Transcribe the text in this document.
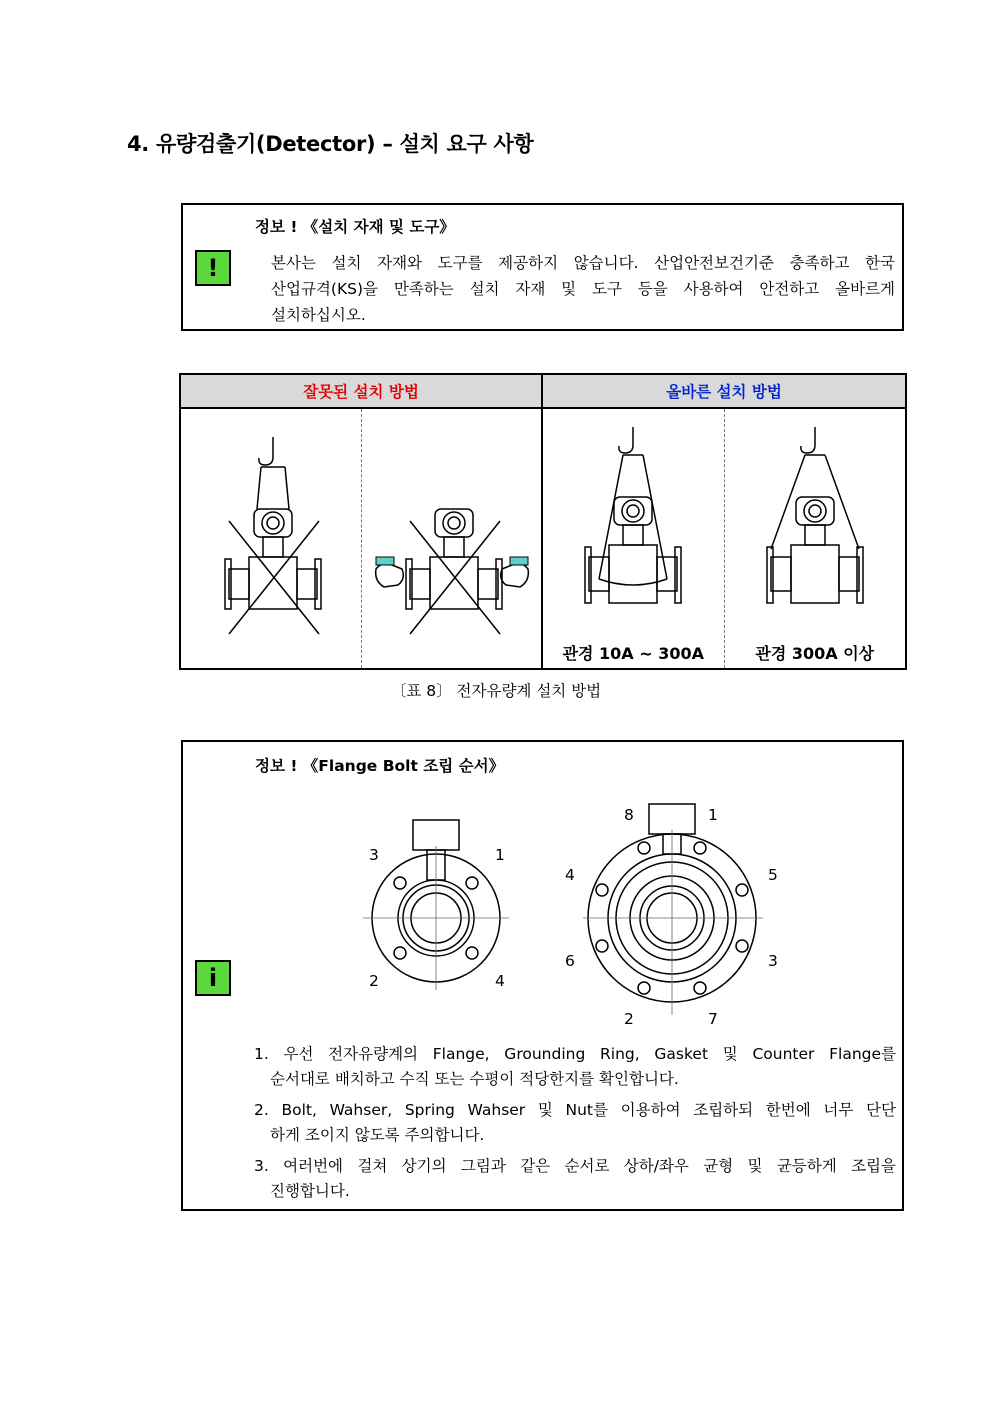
4. 유량검출기(Detector) – 설치 요구 사항
정보 ! 《설치 자재 및 도구》
!	본사는 설치 자재와 도구를 제공하지 않습니다. 산업안전보건기준 충족하고 한국
산업규격(KS)을 만족하는 설치 자재 및 도구 등을 사용하여 안전하고 올바르게
설치하십시오.
잘못된 설치 방법		올바른 설치 방법	

관경 10A ~ 300A	관경 300A 이상
〔표 8〕 전자유량계 설치 방법
정보 ! 《Flange Bolt 조립 순서》
i
3	1
2	4
8	1
4	5
6	3
2	7
1. 우선 전자유량계의 Flange, Grounding Ring, Gasket 및 Counter Flange를
순서대로 배치하고 수직 또는 수평이 적당한지를 확인합니다.
2. Bolt, Wahser, Spring Wahser 및 Nut를 이용하여 조립하되 한번에 너무 단단
하게 조이지 않도록 주의합니다.
3. 여러번에 걸쳐 상기의 그림과 같은 순서로 상하/좌우 균형 및 균등하게 조립을
진행합니다.
